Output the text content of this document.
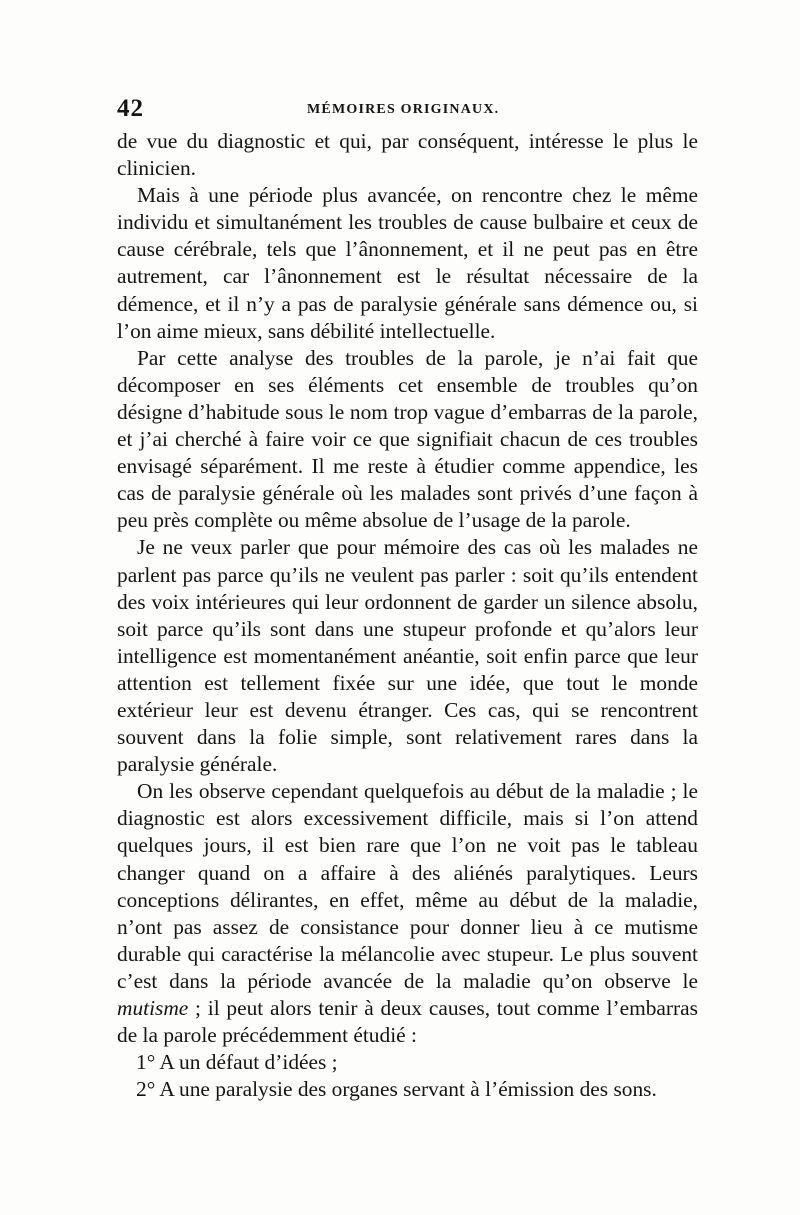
42	MÉMOIRES ORIGINAUX.

de vue du diagnostic et qui, par conséquent, intéresse le plus le clinicien.

Mais à une période plus avancée, on rencontre chez le même individu et simultanément les troubles de cause bulbaire et ceux de cause cérébrale, tels que l’ânonnement, et il ne peut pas en être autrement, car l’ânonnement est le résultat nécessaire de la démence, et il n’y a pas de paralysie générale sans démence ou, si l’on aime mieux, sans débilité intellectuelle.

Par cette analyse des troubles de la parole, je n’ai fait que décomposer en ses éléments cet ensemble de troubles qu’on désigne d’habitude sous le nom trop vague d’embarras de la parole, et j’ai cherché à faire voir ce que signifiait chacun de ces troubles envisagé séparément. Il me reste à étudier comme appendice, les cas de paralysie générale où les malades sont privés d’une façon à peu près complète ou même absolue de l’usage de la parole.

Je ne veux parler que pour mémoire des cas où les malades ne parlent pas parce qu’ils ne veulent pas parler : soit qu’ils entendent des voix intérieures qui leur ordonnent de garder un silence absolu, soit parce qu’ils sont dans une stupeur profonde et qu’alors leur intelligence est momentanément anéantie, soit enfin parce que leur attention est tellement fixée sur une idée, que tout le monde extérieur leur est devenu étranger. Ces cas, qui se rencontrent souvent dans la folie simple, sont relativement rares dans la paralysie générale.

On les observe cependant quelquefois au début de la maladie ; le diagnostic est alors excessivement difficile, mais si l’on attend quelques jours, il est bien rare que l’on ne voit pas le tableau changer quand on a affaire à des aliénés paralytiques. Leurs conceptions délirantes, en effet, même au début de la maladie, n’ont pas assez de consistance pour donner lieu à ce mutisme durable qui caractérise la mélancolie avec stupeur. Le plus souvent c’est dans la période avancée de la maladie qu’on observe le mutisme ; il peut alors tenir à deux causes, tout comme l’embarras de la parole précédemment étudié :

1° A un défaut d’idées ;

2° A une paralysie des organes servant à l’émission des sons.
